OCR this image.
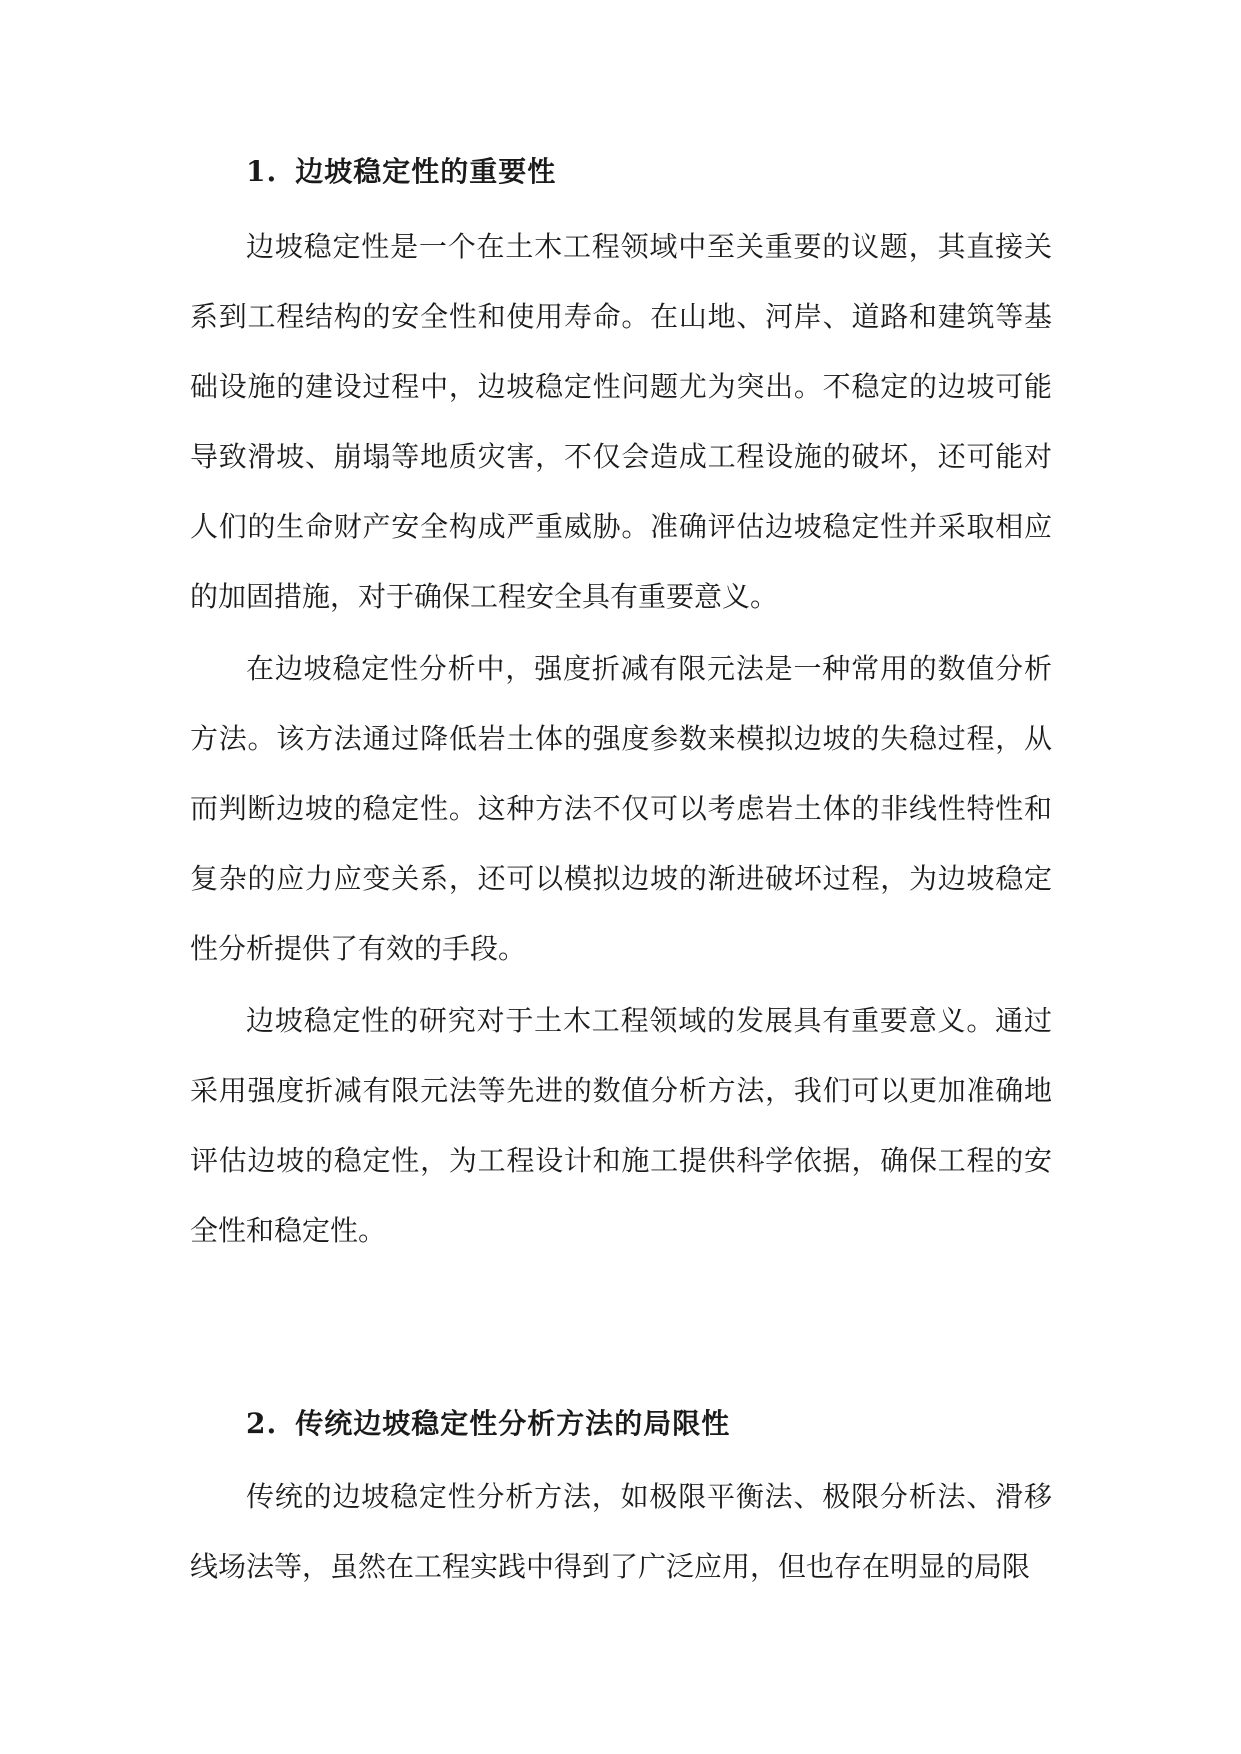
1. 边坡稳定性的重要性

边坡稳定性是一个在土木工程领域中至关重要的议题，其直接关系到工程结构的安全性和使用寿命。在山地、河岸、道路和建筑等基础设施的建设过程中，边坡稳定性问题尤为突出。不稳定的边坡可能导致滑坡、崩塌等地质灾害，不仅会造成工程设施的破坏，还可能对人们的生命财产安全构成严重威胁。准确评估边坡稳定性并采取相应的加固措施，对于确保工程安全具有重要意义。

在边坡稳定性分析中，强度折减有限元法是一种常用的数值分析方法。该方法通过降低岩土体的强度参数来模拟边坡的失稳过程，从而判断边坡的稳定性。这种方法不仅可以考虑岩土体的非线性特性和复杂的应力应变关系，还可以模拟边坡的渐进破坏过程，为边坡稳定性分析提供了有效的手段。

边坡稳定性的研究对于土木工程领域的发展具有重要意义。通过采用强度折减有限元法等先进的数值分析方法，我们可以更加准确地评估边坡的稳定性，为工程设计和施工提供科学依据，确保工程的安全性和稳定性。

2. 传统边坡稳定性分析方法的局限性

传统的边坡稳定性分析方法，如极限平衡法、极限分析法、滑移线场法等，虽然在工程实践中得到了广泛应用，但也存在明显的局限
